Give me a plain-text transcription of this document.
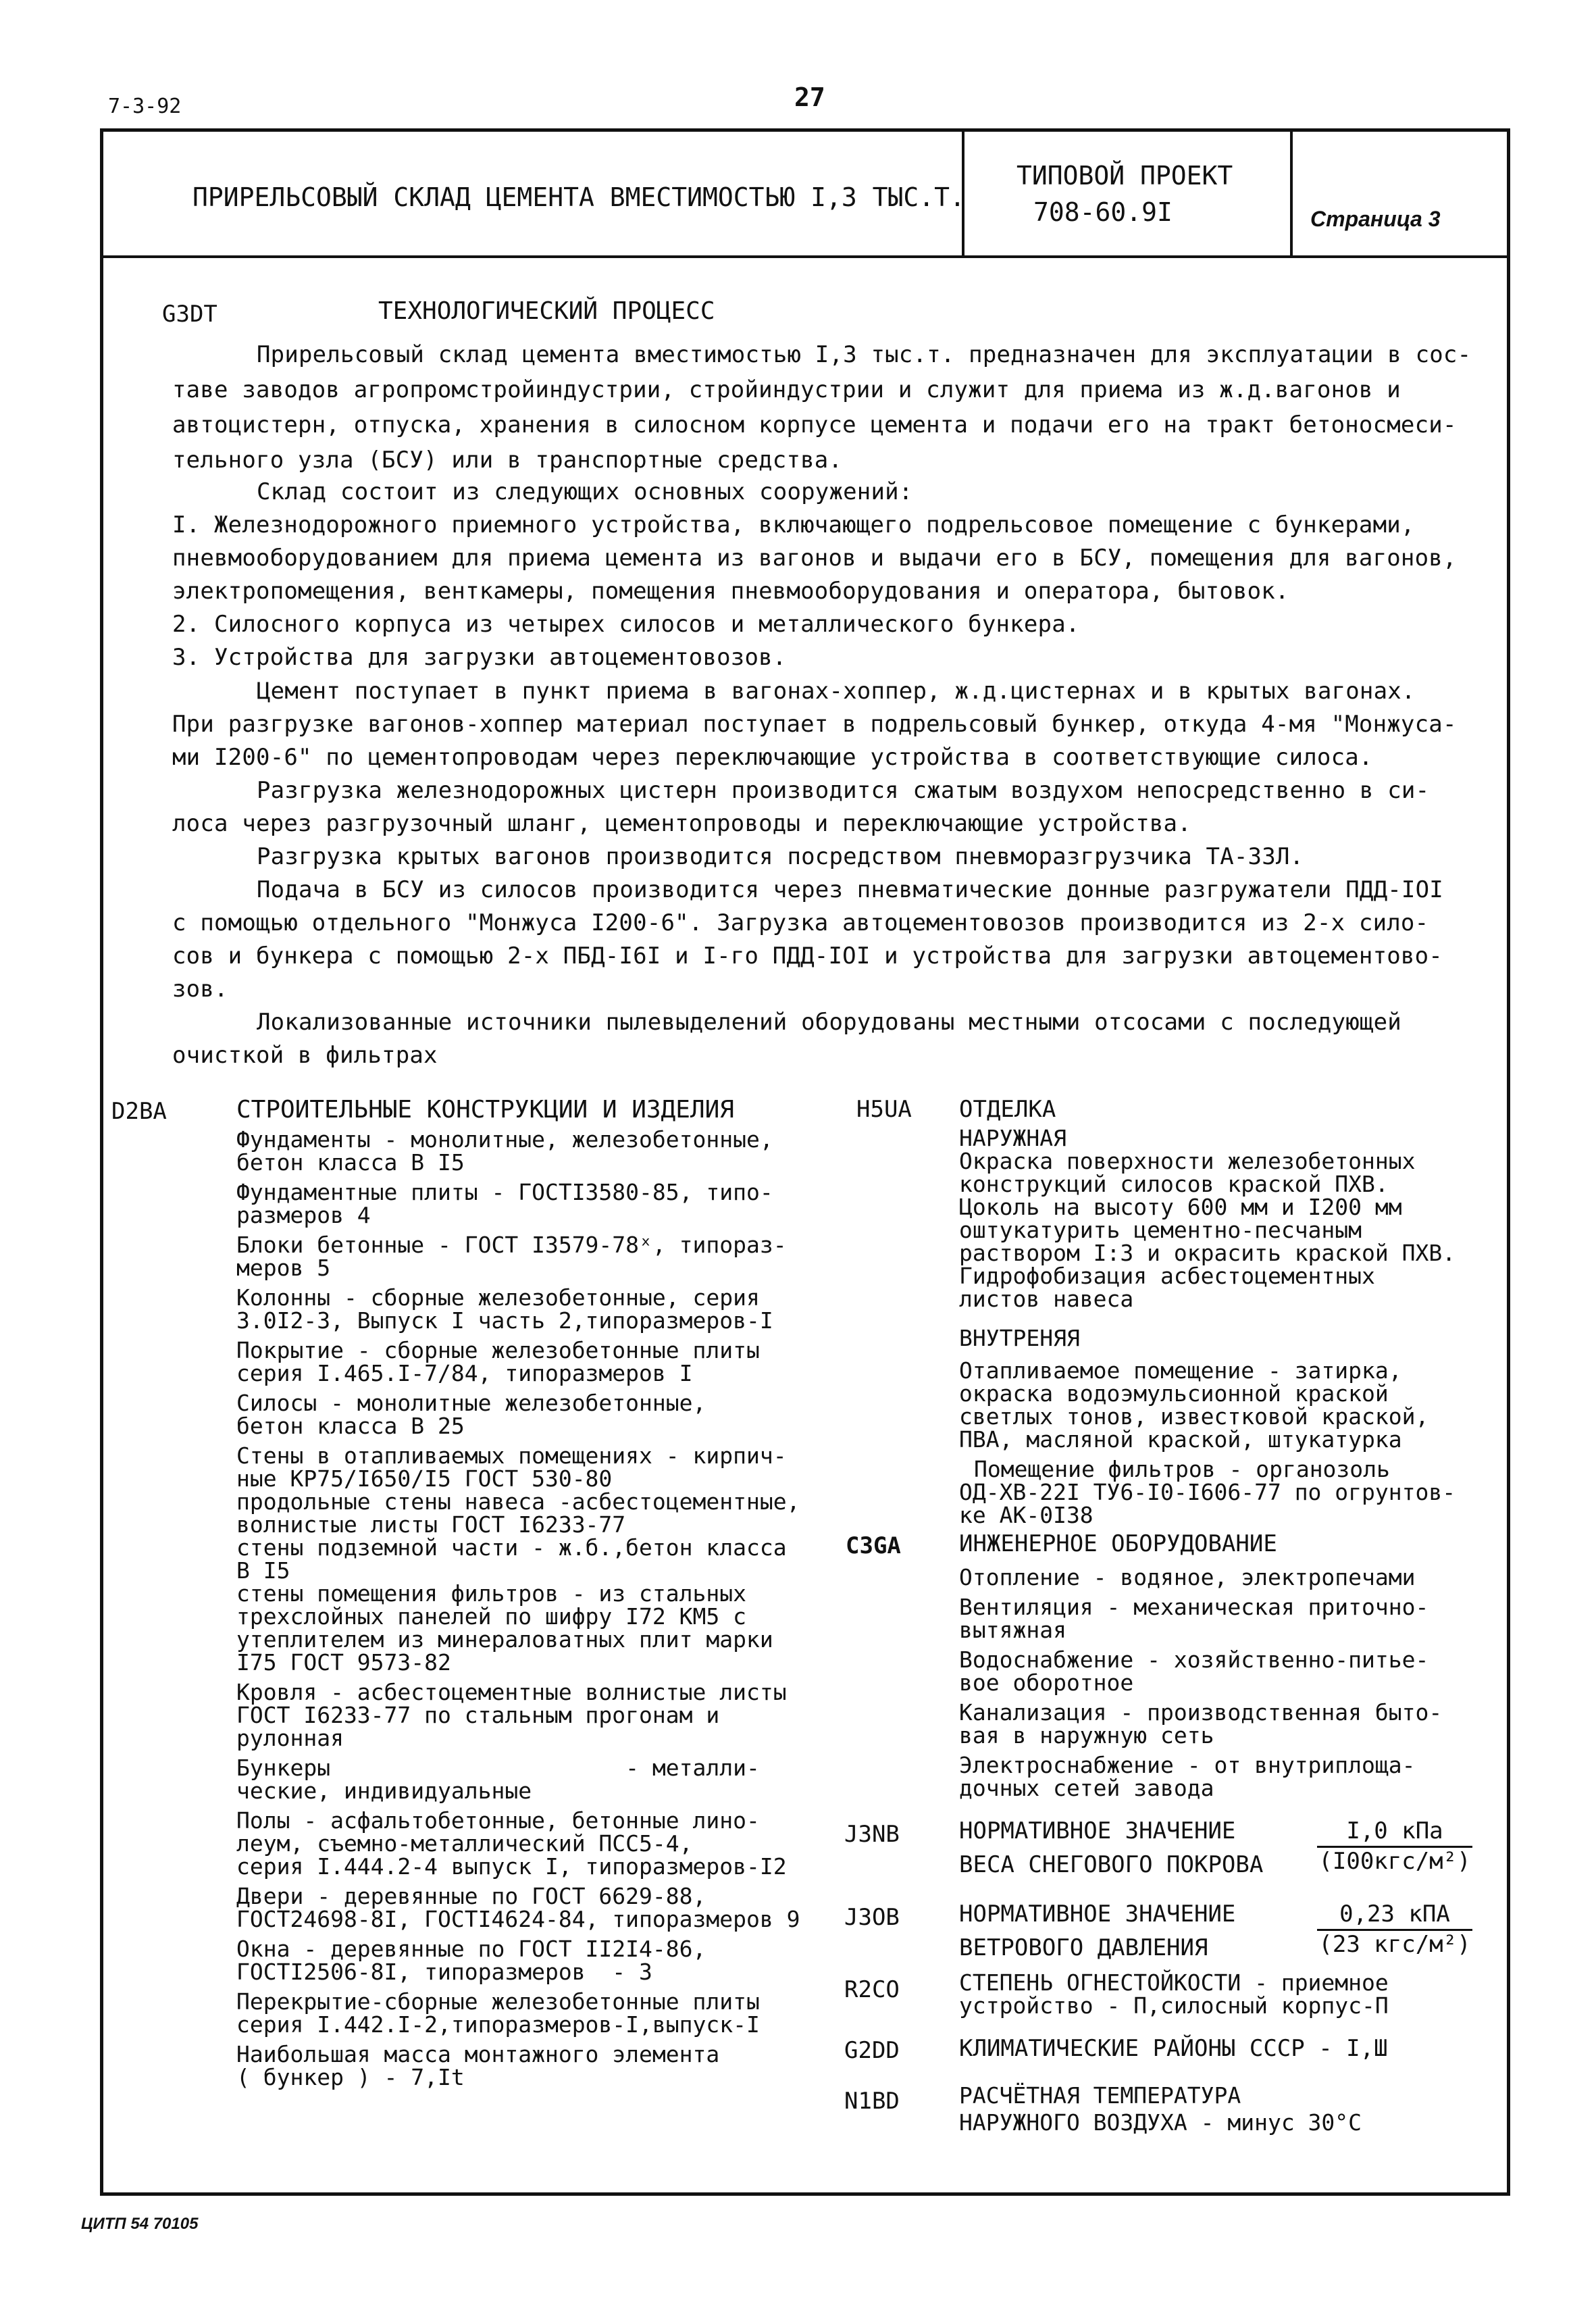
7-3-92	27
ПРИРЕЛЬСОВЫЙ СКЛАД ЦЕМЕНТА ВМЕСТИМОСТЬЮ I,3 ТЫС.Т.
ТИПОВОЙ ПРОЕКТ
708-60.9I	Страница 3
G3DT	ТЕХНОЛОГИЧЕСКИЙ ПРОЦЕСС
Прирельсовый склад цемента вместимостью I,3 тыс.т. предназначен для эксплуатации в сос-
таве заводов агропромстройиндустрии, стройиндустрии и служит для приема из ж.д.вагонов и
автоцистерн, отпуска, хранения в силосном корпусе цемента и подачи его на тракт бетоносмеси-
тельного узла (БСУ) или в транспортные средства.
Склад состоит из следующих основных сооружений:
I. Железнодорожного приемного устройства, включающего подрельсовое помещение с бункерами,
пневмооборудованием для приема цемента из вагонов и выдачи его в БСУ, помещения для вагонов,
электропомещения, венткамеры, помещения пневмооборудования и оператора, бытовок.
2. Силосного корпуса из четырех силосов и металлического бункера.
3. Устройства для загрузки автоцементовозов.
Цемент поступает в пункт приема в вагонах-хоппер, ж.д.цистернах и в крытых вагонах.
При разгрузке вагонов-хоппер материал поступает в подрельсовый бункер, откуда 4-мя "Монжуса-
ми I200-6" по цементопроводам через переключающие устройства в соответствующие силоса.
Разгрузка железнодорожных цистерн производится сжатым воздухом непосредственно в си-
лоса через разгрузочный шланг, цементопроводы и переключающие устройства.
Разгрузка крытых вагонов производится посредством пневморазгрузчика ТА-33Л.
Подача в БСУ из силосов производится через пневматические донные разгружатели ПДД-IOI
с помощью отдельного "Монжуса I200-6". Загрузка автоцементовозов производится из 2-х сило-
сов и бункера с помощью 2-х ПБД-I6I и I-го ПДД-IOI и устройства для загрузки автоцементово-
зов.
Локализованные источники пылевыделений оборудованы местными отсосами с последующей
очисткой в фильтрах
D2BA	СТРОИТЕЛЬНЫЕ КОНСТРУКЦИИ И ИЗДЕЛИЯ
Фундаменты - монолитные, железобетонные,
бетон класса В I5
Фундаментные плиты - ГОСТI3580-85, типо-
размеров 4
Блоки бетонные - ГОСТ I3579-78ˣ, типораз-
меров 5
Колонны - сборные железобетонные, серия
3.0I2-3, Выпуск I часть 2,типоразмеров-I
Покрытие - сборные железобетонные плиты
серия I.465.I-7/84, типоразмеров I
Силосы - монолитные железобетонные,
бетон класса В 25
Стены в отапливаемых помещениях - кирпич-
ные КР75/I650/I5 ГОСТ 530-80
продольные стены навеса -асбестоцементные,
волнистые листы ГОСТ I6233-77
стены подземной части - ж.б.,бетон класса
В I5
стены помещения фильтров - из стальных
трехслойных панелей по шифру I72 КМ5 с
утеплителем из минераловатных плит марки
I75 ГОСТ 9573-82
Кровля - асбестоцементные волнистые листы
ГОСТ I6233-77 по стальным прогонам и
рулонная
Бункеры                      - металли-
ческие, индивидуальные
Полы - асфальтобетонные, бетонные лино-
леум, съемно-металлический ПСС5-4,
серия I.444.2-4 выпуск I, типоразмеров-I2
Двери - деревянные по ГОСТ 6629-88,
ГОСТ24698-8I, ГОСТI4624-84, типоразмеров 9
Окна - деревянные по ГОСТ II2I4-86,
ГОСТI2506-8I, типоразмеров  - 3
Перекрытие-сборные железобетонные плиты
серия I.442.I-2,типоразмеров-I,выпуск-I
Наибольшая масса монтажного элемента
( бункер ) - 7,It
H5UA ОТДЕЛКА
НАРУЖНАЯ
Окраска поверхности железобетонных
конструкций силосов краской ПХВ.
Цоколь на высоту 600 мм и I200 мм
оштукатурить цементно-песчаным
раствором I:3 и окрасить краской ПХВ.
Гидрофобизация асбестоцементных
листов навеса
ВНУТРЕНЯЯ
Отапливаемое помещение - затирка,
окраска водоэмульсионной краской
светлых тонов, известковой краской,
ПВА, масляной краской, штукатурка
Помещение фильтров - органозоль
ОД-ХВ-22I ТУ6-I0-I606-77 по огрунтов-
ке АК-0I38
C3GA	ИНЖЕНЕРНОЕ ОБОРУДОВАНИЕ
Отопление - водяное, электропечами
Вентиляция - механическая приточно-
вытяжная
Водоснабжение - хозяйственно-питье-
вое оборотное
Канализация - производственная быто-
вая в наружную сеть
Электроснабжение - от внутриплоща-
дочных сетей завода
J3NB	НОРМАТИВНОЕ ЗНАЧЕНИЕ
ВЕСА СНЕГОВОГО ПОКРОВА
I,0 кПа
(I00кгс/м²)
J3OB	НОРМАТИВНОЕ ЗНАЧЕНИЕ
ВЕТРОВОГО ДАВЛЕНИЯ
0,23 кПА
(23 кгс/м²)
R2CO	СТЕПЕНЬ ОГНЕСТОЙКОСТИ - приемное
устройство - П,силосный корпус-П
G2DD	КЛИМАТИЧЕСКИЕ РАЙОНЫ СССР - I,Ш
N1BD	РАСЧЁТНАЯ ТЕМПЕРАТУРА
НАРУЖНОГО ВОЗДУХА - минус 30°С
ЦИТП 54 70105
